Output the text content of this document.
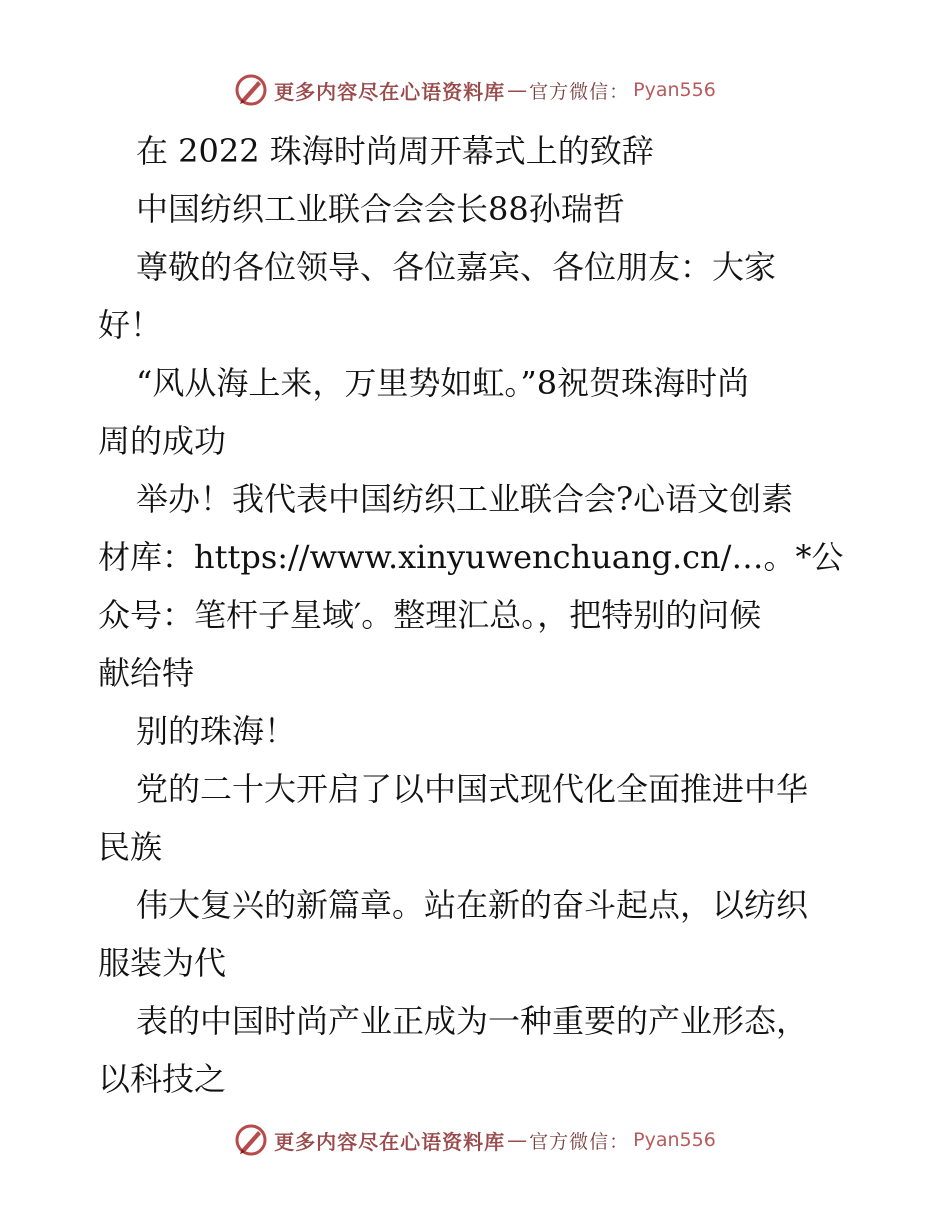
更多内容尽在心语资料库 — 官方微信： Pyan556
在 2022 珠海时尚周开幕式上的致辞
中国纺织工业联合会会长88孙瑞哲
尊敬的各位领导、各位嘉宾、各位朋友：大家
好！
“风从海上来，万里势如虹。”8祝贺珠海时尚
周的成功
举办！我代表中国纺织工业联合会?心语文创素
材库：https://www.xinyuwenchuang.cn/…。*公
众号：笔杆子星域′。整理汇总。，把特别的问候
献给特
别的珠海！
党的二十大开启了以中国式现代化全面推进中华
民族
伟大复兴的新篇章。站在新的奋斗起点，以纺织
服装为代
表的中国时尚产业正成为一种重要的产业形态，
以科技之
更多内容尽在心语资料库 — 官方微信： Pyan556
